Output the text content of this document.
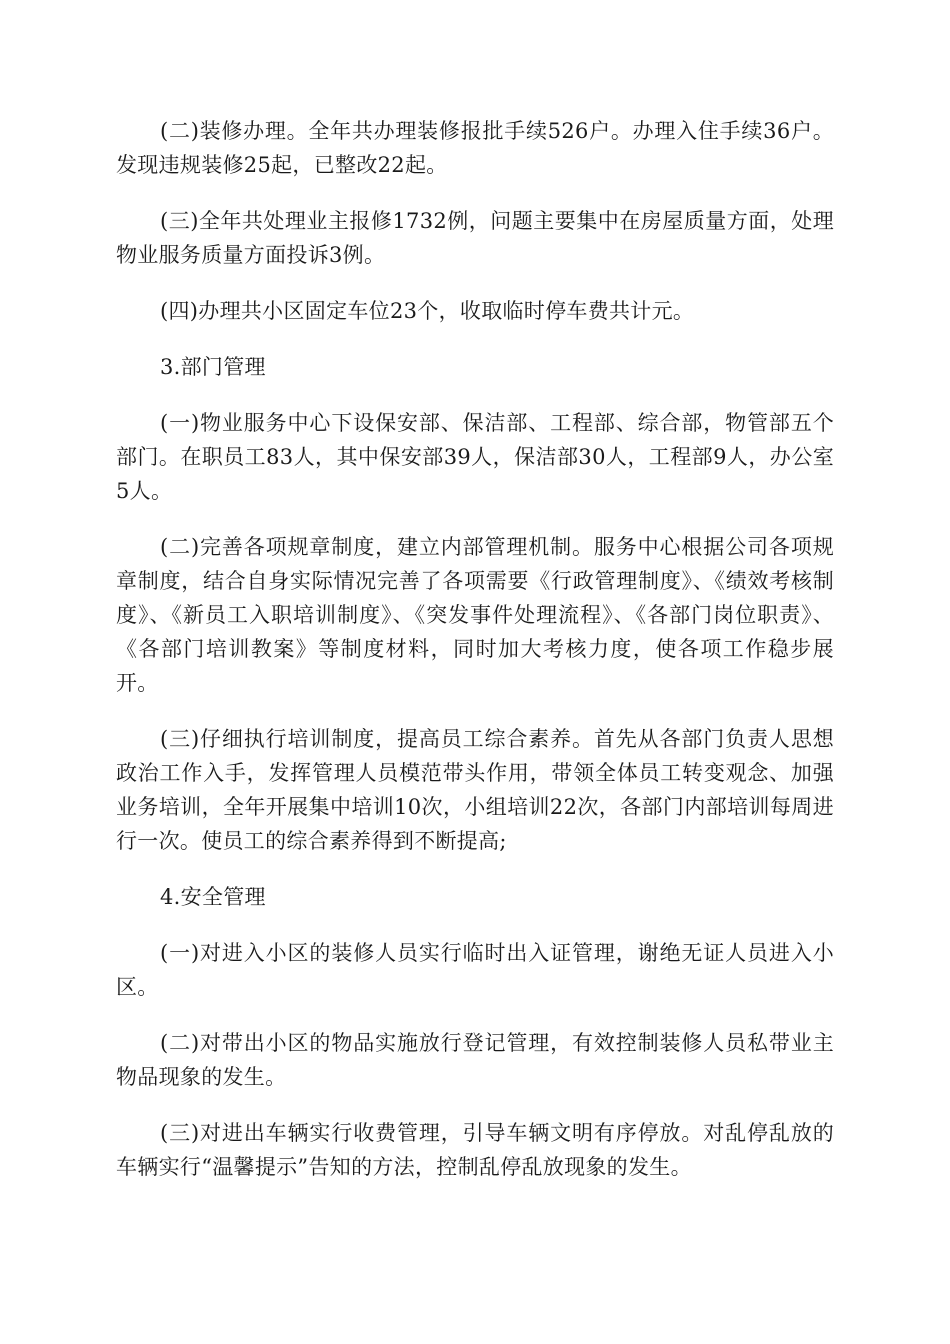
(二)装修办理。全年共办理装修报批手续526户。办理入住手续36户。发现违规装修25起，已整改22起。

(三)全年共处理业主报修1732例，问题主要集中在房屋质量方面，处理物业服务质量方面投诉3例。

(四)办理共小区固定车位23个，收取临时停车费共计元。

3.部门管理

(一)物业服务中心下设保安部、保洁部、工程部、综合部，物管部五个部门。在职员工83人，其中保安部39人，保洁部30人，工程部9人，办公室5人。

(二)完善各项规章制度，建立内部管理机制。服务中心根据公司各项规章制度，结合自身实际情况完善了各项需要《行政管理制度》、《绩效考核制度》、《新员工入职培训制度》、《突发事件处理流程》、《各部门岗位职责》、《各部门培训教案》等制度材料，同时加大考核力度，使各项工作稳步展开。

(三)仔细执行培训制度，提高员工综合素养。首先从各部门负责人思想政治工作入手，发挥管理人员模范带头作用，带领全体员工转变观念、加强业务培训，全年开展集中培训10次，小组培训22次，各部门内部培训每周进行一次。使员工的综合素养得到不断提高;

4.安全管理

(一)对进入小区的装修人员实行临时出入证管理，谢绝无证人员进入小区。

(二)对带出小区的物品实施放行登记管理，有效控制装修人员私带业主物品现象的发生。

(三)对进出车辆实行收费管理，引导车辆文明有序停放。对乱停乱放的车辆实行“温馨提示”告知的方法，控制乱停乱放现象的发生。
